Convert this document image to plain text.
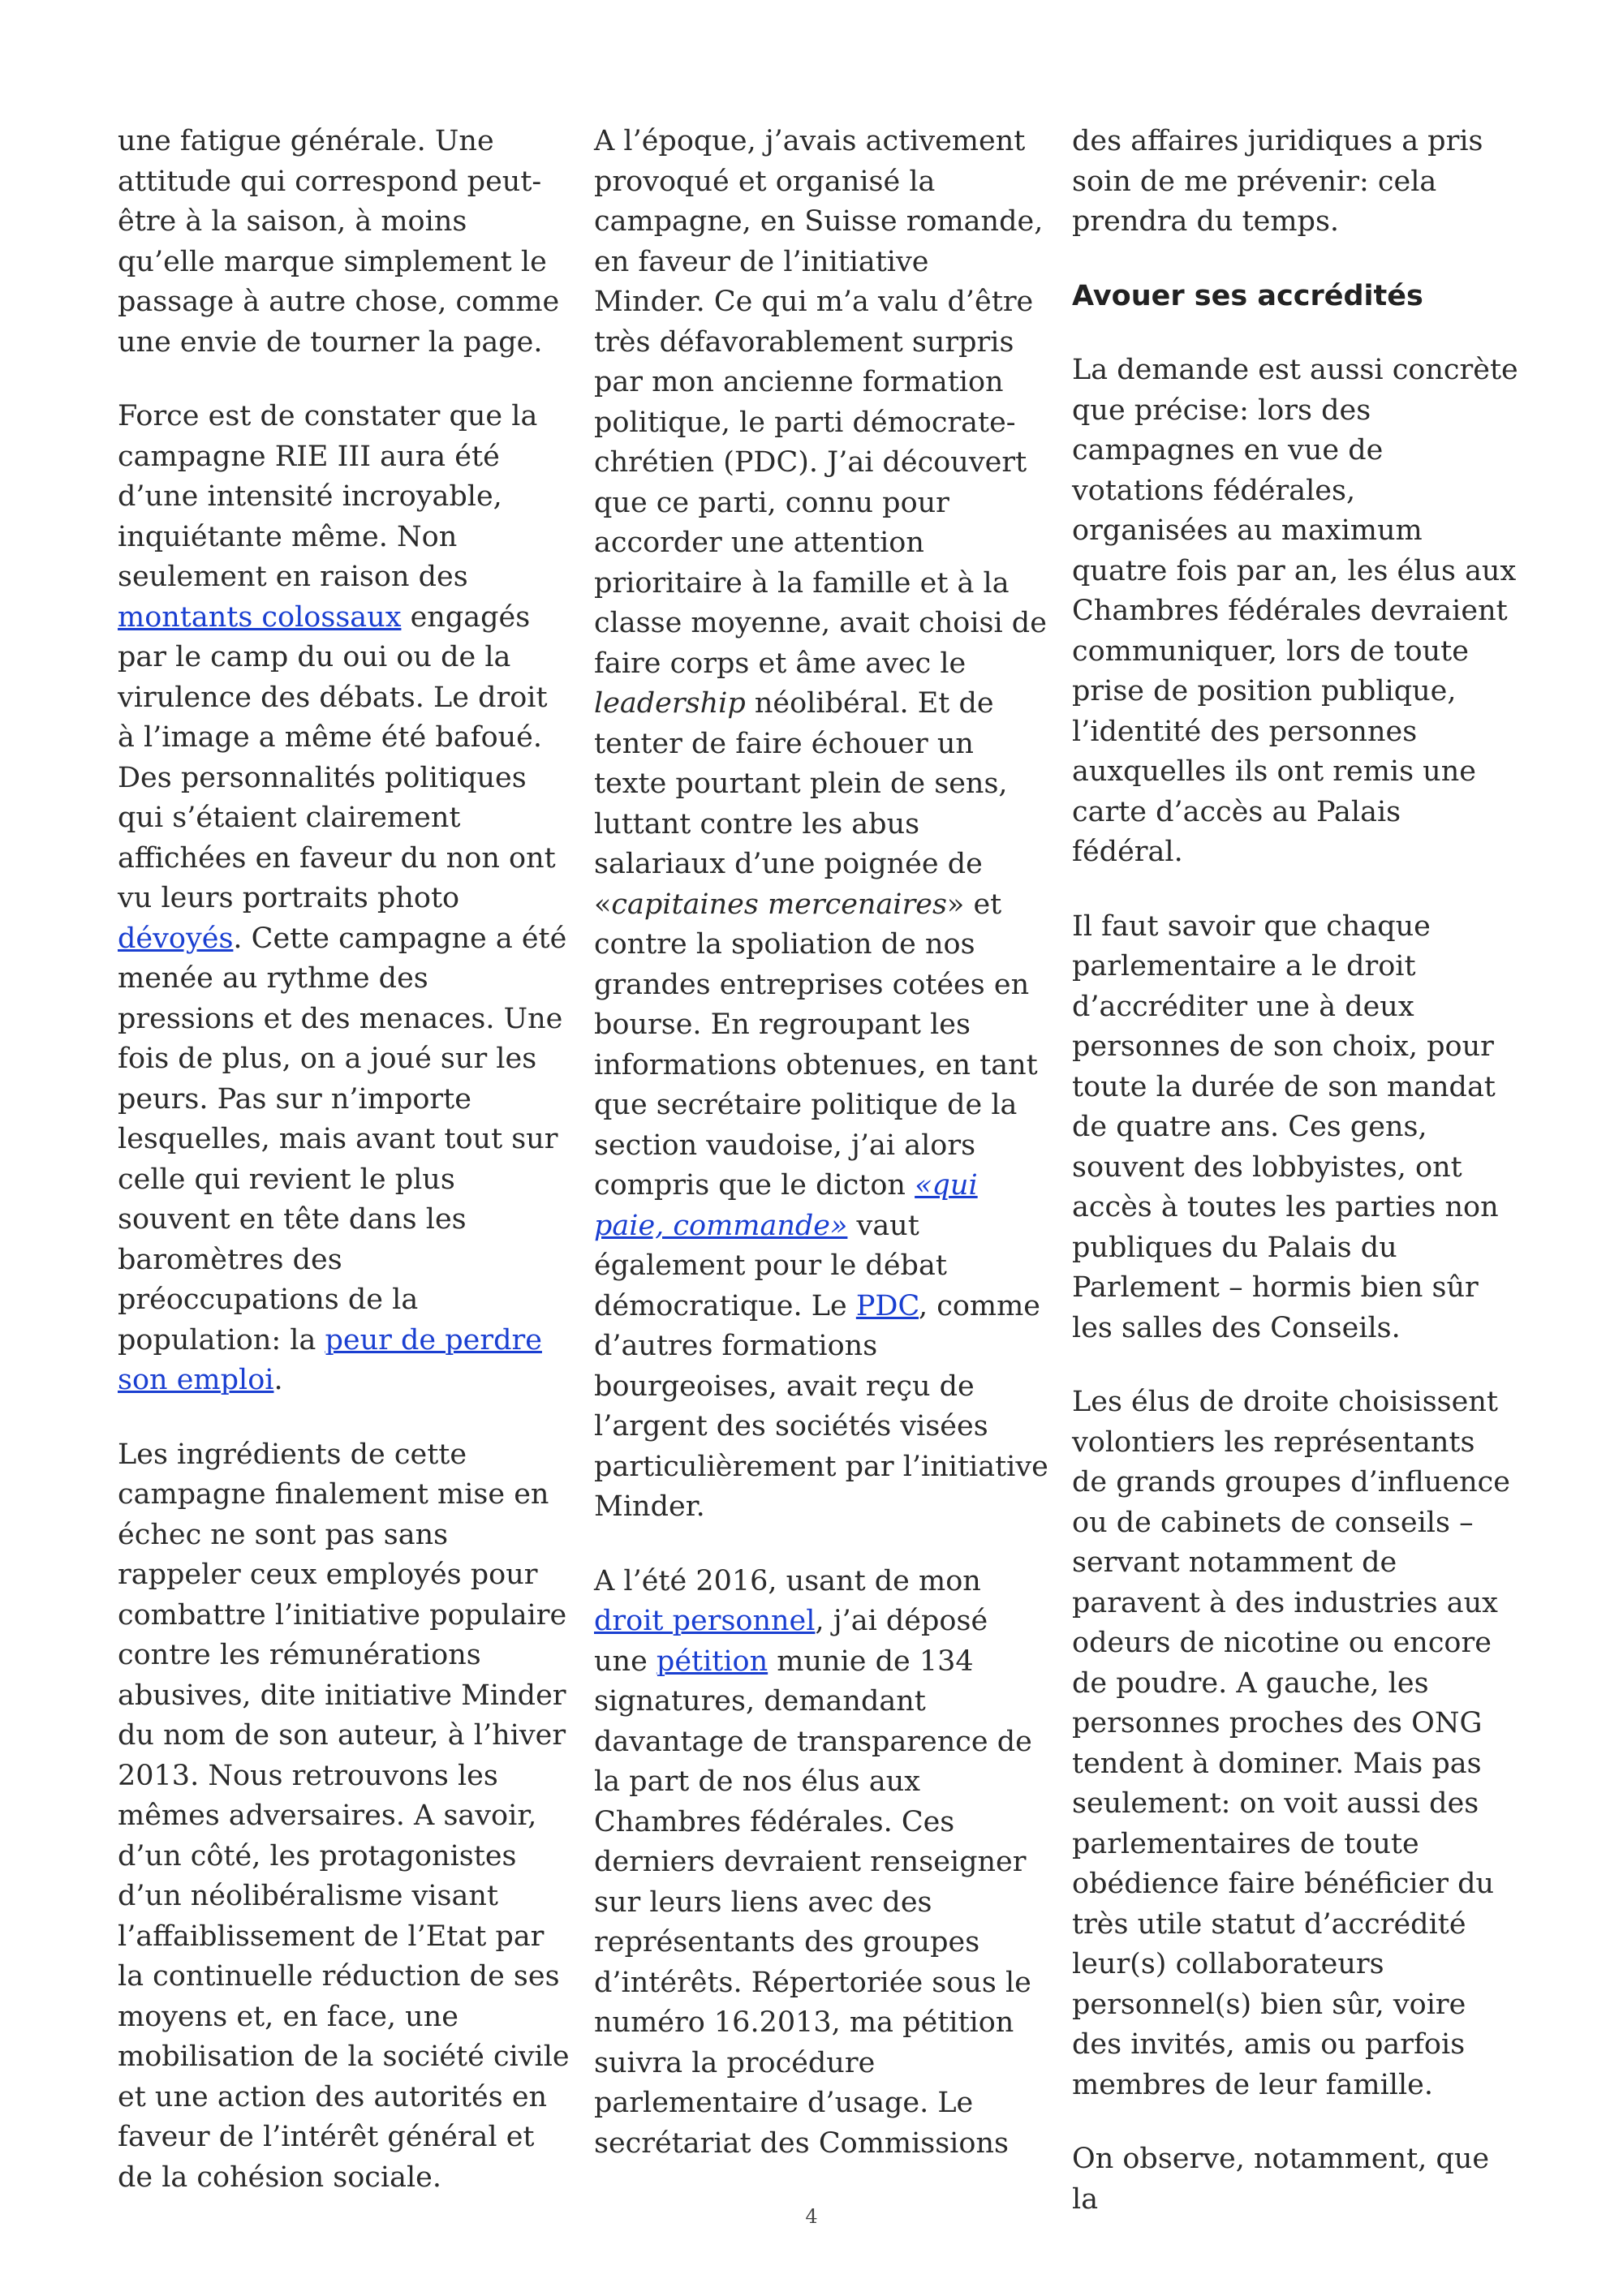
une fatigue générale. Une attitude qui correspond peut-être à la saison, à moins qu’elle marque simplement le passage à autre chose, comme une envie de tourner la page.

Force est de constater que la campagne RIE III aura été d’une intensité incroyable, inquiétante même. Non seulement en raison des montants colossaux engagés par le camp du oui ou de la virulence des débats. Le droit à l’image a même été bafoué. Des personnalités politiques qui s’étaient clairement affichées en faveur du non ont vu leurs portraits photo dévoyés. Cette campagne a été menée au rythme des pressions et des menaces. Une fois de plus, on a joué sur les peurs. Pas sur n’importe lesquelles, mais avant tout sur celle qui revient le plus souvent en tête dans les baromètres des préoccupations de la population: la peur de perdre son emploi.

Les ingrédients de cette campagne finalement mise en échec ne sont pas sans rappeler ceux employés pour combattre l’initiative populaire contre les rémunérations abusives, dite initiative Minder du nom de son auteur, à l’hiver 2013. Nous retrouvons les mêmes adversaires. A savoir, d’un côté, les protagonistes d’un néolibéralisme visant l’affaiblissement de l’Etat par la continuelle réduction de ses moyens et, en face, une mobilisation de la société civile et une action des autorités en faveur de l’intérêt général et de la cohésion sociale.

A l’époque, j’avais activement provoqué et organisé la campagne, en Suisse romande, en faveur de l’initiative Minder. Ce qui m’a valu d’être très défavorablement surpris par mon ancienne formation politique, le parti démocrate-chrétien (PDC). J’ai découvert que ce parti, connu pour accorder une attention prioritaire à la famille et à la classe moyenne, avait choisi de faire corps et âme avec le leadership néolibéral. Et de tenter de faire échouer un texte pourtant plein de sens, luttant contre les abus salariaux d’une poignée de «capitaines mercenaires» et contre la spoliation de nos grandes entreprises cotées en bourse. En regroupant les informations obtenues, en tant que secrétaire politique de la section vaudoise, j’ai alors compris que le dicton «qui paie, commande» vaut également pour le débat démocratique. Le PDC, comme d’autres formations bourgeoises, avait reçu de l’argent des sociétés visées particulièrement par l’initiative Minder.

A l’été 2016, usant de mon droit personnel, j’ai déposé une pétition munie de 134 signatures, demandant davantage de transparence de la part de nos élus aux Chambres fédérales. Ces derniers devraient renseigner sur leurs liens avec des représentants des groupes d’intérêts. Répertoriée sous le numéro 16.2013, ma pétition suivra la procédure parlementaire d’usage. Le secrétariat des Commissions

des affaires juridiques a pris soin de me prévenir: cela prendra du temps.

Avouer ses accrédités

La demande est aussi concrète que précise: lors des campagnes en vue de votations fédérales, organisées au maximum quatre fois par an, les élus aux Chambres fédérales devraient communiquer, lors de toute prise de position publique, l’identité des personnes auxquelles ils ont remis une carte d’accès au Palais fédéral.

Il faut savoir que chaque parlementaire a le droit d’accréditer une à deux personnes de son choix, pour toute la durée de son mandat de quatre ans. Ces gens, souvent des lobbyistes, ont accès à toutes les parties non publiques du Palais du Parlement – hormis bien sûr les salles des Conseils.

Les élus de droite choisissent volontiers les représentants de grands groupes d’influence ou de cabinets de conseils – servant notamment de paravent à des industries aux odeurs de nicotine ou encore de poudre. A gauche, les personnes proches des ONG tendent à dominer. Mais pas seulement: on voit aussi des parlementaires de toute obédience faire bénéficier du très utile statut d’accrédité leur(s) collaborateurs personnel(s) bien sûr, voire des invités, amis ou parfois membres de leur famille.

On observe, notamment, que la

4
